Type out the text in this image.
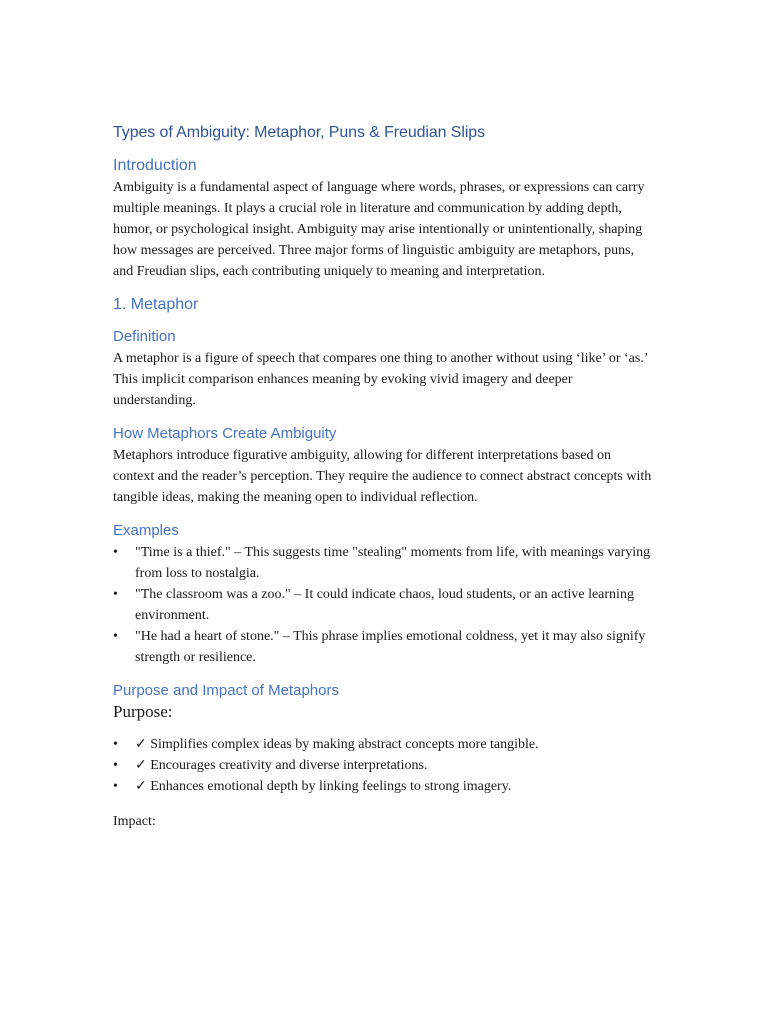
Types of Ambiguity: Metaphor, Puns & Freudian Slips
Introduction

Ambiguity is a fundamental aspect of language where words, phrases, or expressions can carry multiple meanings. It plays a crucial role in literature and communication by adding depth, humor, or psychological insight. Ambiguity may arise intentionally or unintentionally, shaping how messages are perceived. Three major forms of linguistic ambiguity are metaphors, puns, and Freudian slips, each contributing uniquely to meaning and interpretation.

1. Metaphor
Definition

A metaphor is a figure of speech that compares one thing to another without using ‘like’ or ‘as.’ This implicit comparison enhances meaning by evoking vivid imagery and deeper understanding.

How Metaphors Create Ambiguity

Metaphors introduce figurative ambiguity, allowing for different interpretations based on context and the reader’s perception. They require the audience to connect abstract concepts with tangible ideas, making the meaning open to individual reflection.

Examples
• "Time is a thief." – This suggests time "stealing" moments from life, with meanings varying from loss to nostalgia.
• "The classroom was a zoo." – It could indicate chaos, loud students, or an active learning environment.
• "He had a heart of stone." – This phrase implies emotional coldness, yet it may also signify strength or resilience.
Purpose and Impact of Metaphors

Purpose:

• ✓ Simplifies complex ideas by making abstract concepts more tangible.
• ✓ Encourages creativity and diverse interpretations.
• ✓ Enhances emotional depth by linking feelings to strong imagery.

Impact:
